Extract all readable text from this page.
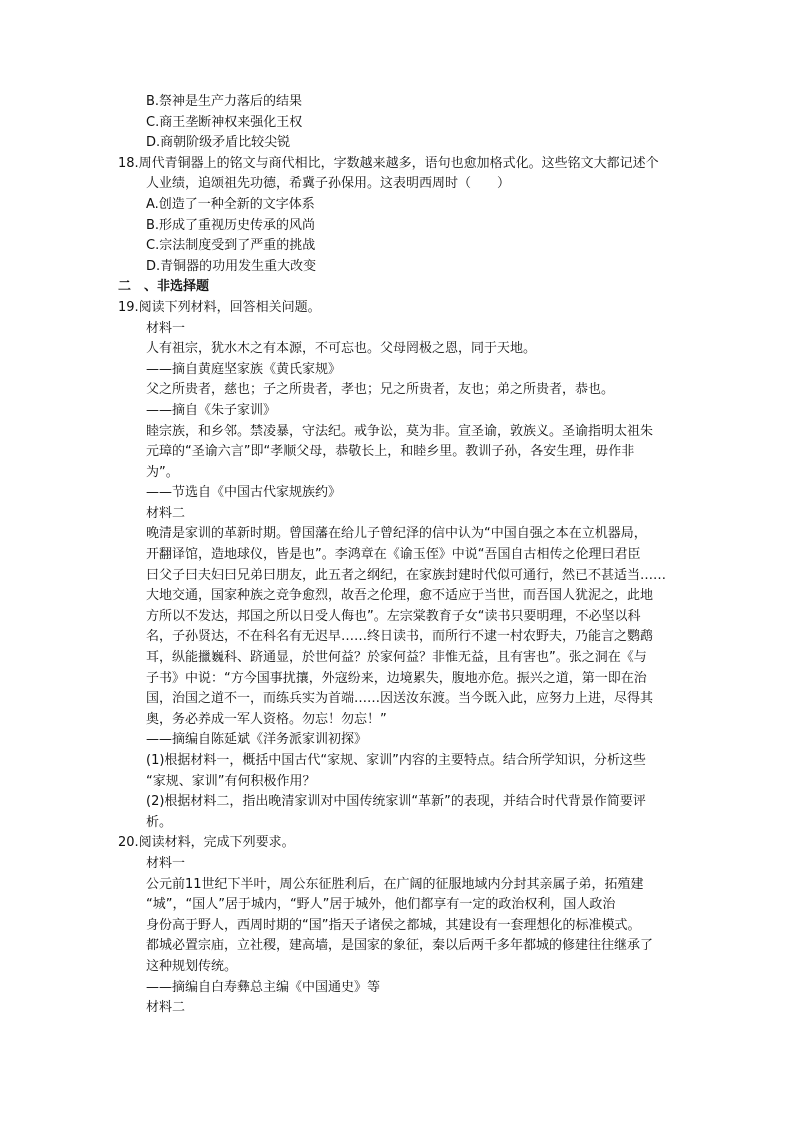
B.祭神是生产力落后的结果
C.商王垄断神权来强化王权
D.商朝阶级矛盾比较尖锐
18.周代青铜器上的铭文与商代相比，字数越来越多，语句也愈加格式化。这些铭文大都记述个
人业绩，追颂祖先功德，希冀子孙保用。这表明西周时（　　）
A.创造了一种全新的文字体系
B.形成了重视历史传承的风尚
C.宗法制度受到了严重的挑战
D.青铜器的功用发生重大改变
二　、非选择题
19.阅读下列材料，回答相关问题。
材料一
人有祖宗，犹水木之有本源，不可忘也。父母罔极之恩，同于天地。
——摘自黄庭坚家族《黄氏家规》
父之所贵者，慈也；子之所贵者，孝也；兄之所贵者，友也；弟之所贵者，恭也。
——摘自《朱子家训》
睦宗族，和乡邻。禁凌暴，守法纪。戒争讼，莫为非。宣圣谕，敦族义。圣谕指明太祖朱
元璋的“圣谕六言”即“孝顺父母，恭敬长上，和睦乡里。教训子孙，各安生理，毋作非
为”。
——节选自《中国古代家规族约》
材料二
晚清是家训的革新时期。曾国藩在给儿子曾纪泽的信中认为“中国自强之本在立机器局，
开翻译馆，造地球仪，皆是也”。李鸿章在《谕玉侄》中说“吾国自古相传之伦理曰君臣
曰父子曰夫妇曰兄弟曰朋友，此五者之纲纪，在家族封建时代似可通行，然已不甚适当……
大地交通，国家种族之竞争愈烈，故吾之伦理，愈不适应于当世，而吾国人犹泥之，此地
方所以不发达，邦国之所以日受人侮也”。左宗棠教育子女“读书只要明理，不必坚以科
名，子孙贤达，不在科名有无迟早……终日读书，而所行不逮一村农野夫，乃能言之鹦鹉
耳，纵能擸巍科、跻通显，於世何益？於家何益？非惟无益，且有害也”。张之洞在《与
子书》中说：“方今国事扰攘，外寇纷来，边境累失，腹地亦危。振兴之道，第一即在治
国，治国之道不一，而练兵实为首端……因送汝东渡。当今既入此，应努力上进，尽得其
奥，务必养成一军人资格。勿忘！勿忘！”
——摘编自陈延斌《洋务派家训初探》
(1)根据材料一，概括中国古代“家规、家训”内容的主要特点。结合所学知识，分析这些
“家规、家训”有何积极作用？
(2)根据材料二，指出晚清家训对中国传统家训“革新”的表现，并结合时代背景作简要评
析。
20.阅读材料，完成下列要求。
材料一
公元前11世纪下半叶，周公东征胜利后，在广阔的征服地域内分封其亲属子弟，拓殖建
“城”，“国人”居于城内，“野人”居于城外，他们都享有一定的政治权利，国人政治
身份高于野人，西周时期的“国”指天子诸侯之都城，其建设有一套理想化的标准模式。
都城必置宗庙，立社稷，建高墙，是国家的象征，秦以后两千多年都城的修建往往继承了
这种规划传统。
——摘编自白寿彝总主编《中国通史》等
材料二
